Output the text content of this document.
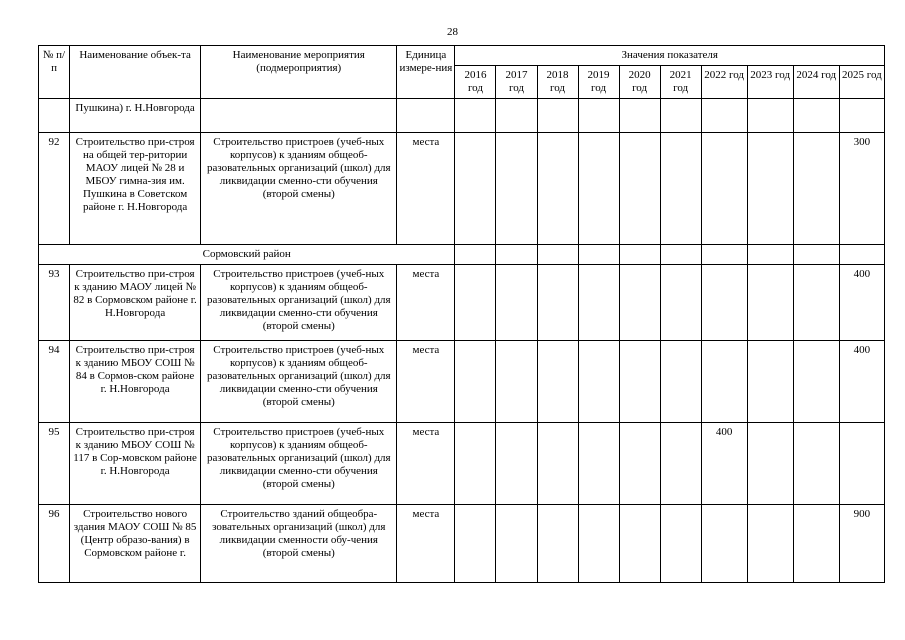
28
№ п/п	Наименование объек-та	Наименование мероприятия (подмероприятия)	Единица измере-ния	Значения показателя									
				2016 год	2017 год	2018 год	2019 год	2020 год	2021 год	2022 год	2023 год	2024 год	2025 год
	Пушкина) г. Н.Новгорода												
92	Строительство при-строя на общей тер-ритории МАОУ лицей № 28 и МБОУ гимна-зия им. Пушкина в Советском районе г. Н.Новгорода	Строительство пристроев (учеб-ных корпусов) к зданиям общеоб-разовательных организаций (школ) для ликвидации сменно-сти обучения (второй смены)	места										300
Сормовский район													
93	Строительство при-строя к зданию МАОУ лицей № 82 в Сормовском районе г. Н.Новгорода	Строительство пристроев (учеб-ных корпусов) к зданиям общеоб-разовательных организаций (школ) для ликвидации сменно-сти обучения (второй смены)	места										400
94	Строительство при-строя к зданию МБОУ СОШ № 84 в Сормов-ском районе г. Н.Новгорода	Строительство пристроев (учеб-ных корпусов) к зданиям общеоб-разовательных организаций (школ) для ликвидации сменно-сти обучения (второй смены)	места										400
95	Строительство при-строя к зданию МБОУ СОШ № 117 в Сор-мовском районе г. Н.Новгорода	Строительство пристроев (учеб-ных корпусов) к зданиям общеоб-разовательных организаций (школ) для ликвидации сменно-сти обучения (второй смены)	места							400			
96	Строительство нового здания МАОУ СОШ № 85 (Центр образо-вания) в Сормовском районе г.	Строительство зданий общеобра-зовательных организаций (школ) для ликвидации сменности обу-чения (второй смены)	места										900
